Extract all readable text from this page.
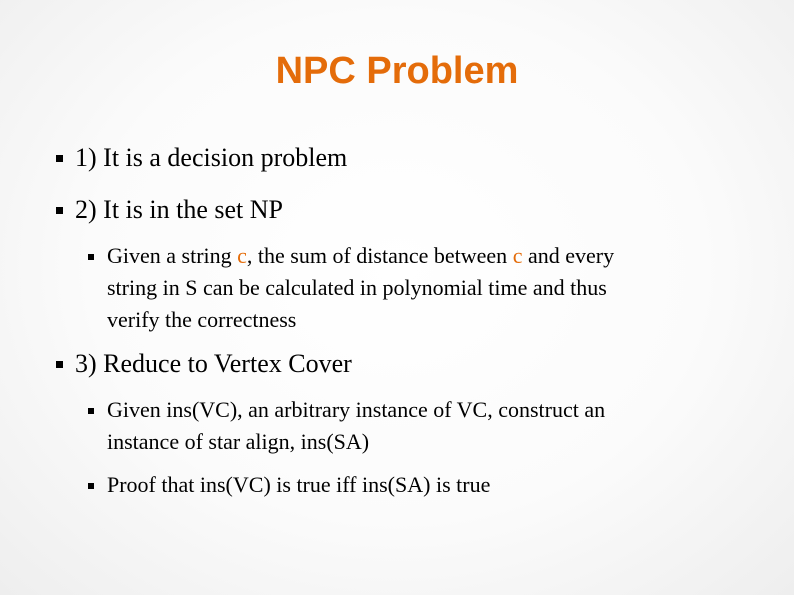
NPC Problem
1) It is a decision problem
2) It is in the set NP
Given a string c, the sum of distance between c and every
string in S can be calculated in polynomial time and thus
verify the correctness
3) Reduce to Vertex Cover
Given ins(VC), an arbitrary instance of VC, construct an
instance of star align, ins(SA)
Proof that ins(VC) is true iff ins(SA) is true
